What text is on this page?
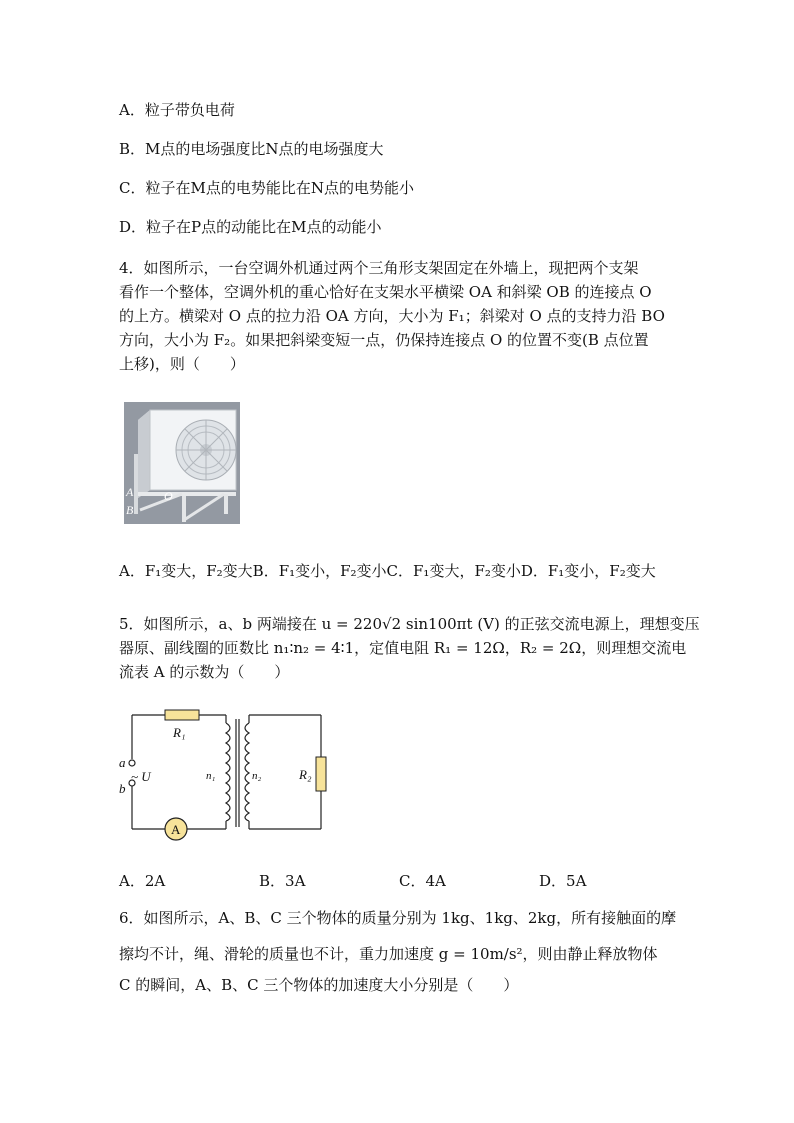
A．粒子带负电荷
B．M点的电场强度比N点的电场强度大
C．粒子在M点的电势能比在N点的电势能小
D．粒子在P点的动能比在M点的动能小
4．如图所示，一台空调外机通过两个三角形支架固定在外墙上，现把两个支架
看作一个整体，空调外机的重心恰好在支架水平横梁 OA 和斜梁 OB 的连接点 O
的上方。横梁对 O 点的拉力沿 OA 方向，大小为 F₁；斜梁对 O 点的支持力沿 BO
方向，大小为 F₂。如果把斜梁变短一点，仍保持连接点 O 的位置不变(B 点位置
上移)，则（　　）
A
B
O
A．F₁变大，F₂变大B．F₁变小，F₂变小C．F₁变大，F₂变小D．F₁变小，F₂变大
5．如图所示，a、b 两端接在 u = 220√2 sin100πt (V) 的正弦交流电源上，理想变压
器原、副线圈的匝数比 n₁∶n₂ = 4∶1，定值电阻 R₁ = 12Ω，R₂ = 2Ω，则理想交流电
流表 A 的示数为（　　）
A
R₁
R₂
a
b
~ U	n₁	n₂
A．2A	B．3A	C．4A	D．5A
6．如图所示，A、B、C 三个物体的质量分别为 1kg、1kg、2kg，所有接触面的摩
擦均不计，绳、滑轮的质量也不计，重力加速度 g = 10m/s²，则由静止释放物体
C 的瞬间，A、B、C 三个物体的加速度大小分别是（　　）
